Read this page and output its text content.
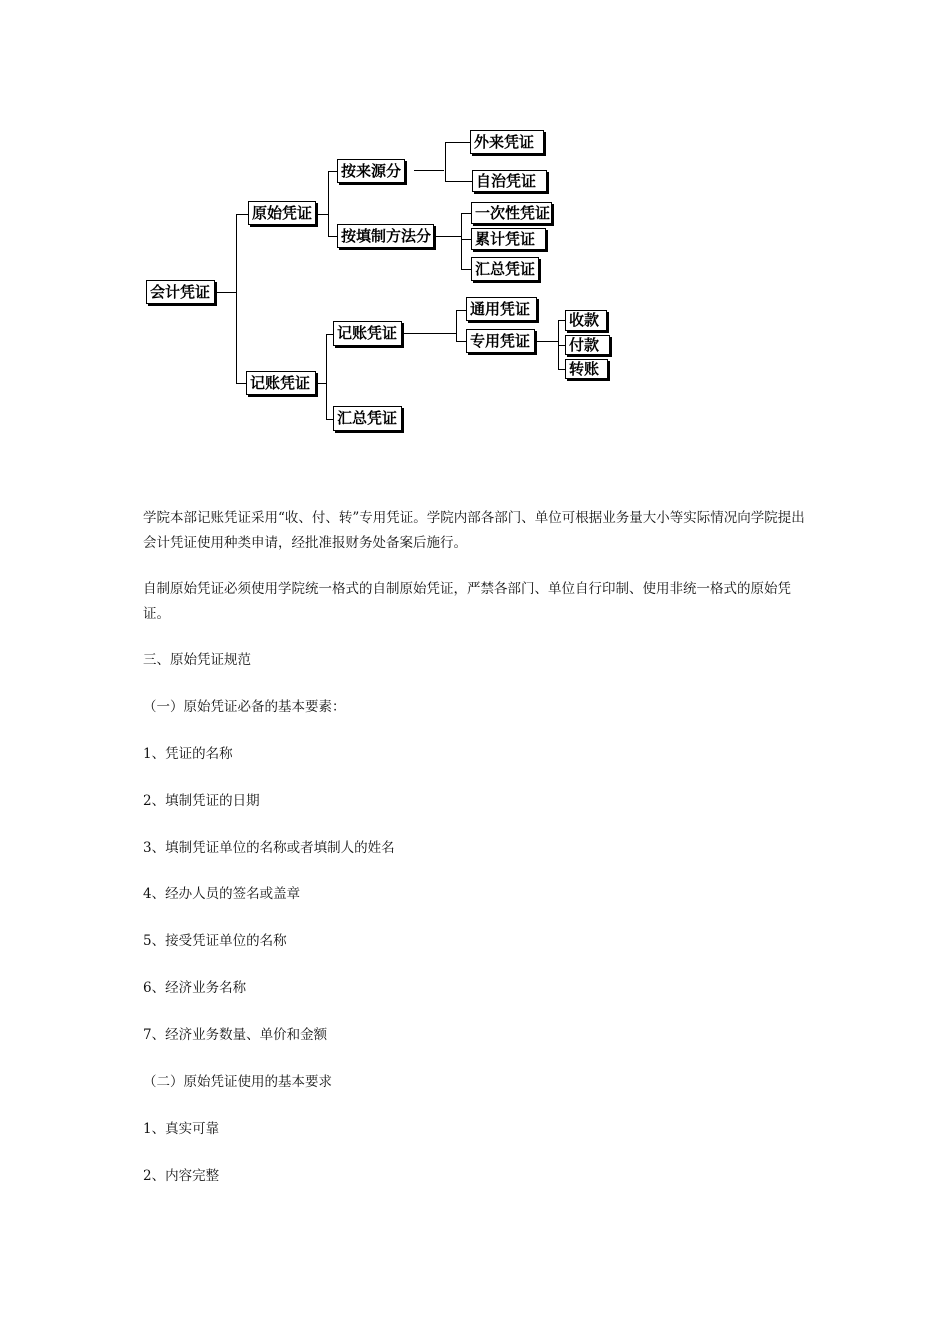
会计凭证
原始凭证
按来源分
外来凭证
自治凭证
按填制方法分
一次性凭证
累计凭证
汇总凭证
记账凭证
记账凭证
通用凭证
专用凭证
收款
付款
转账
汇总凭证

学院本部记账凭证采用“收、付、转”专用凭证。学院内部各部门、单位可根据业务量大小等实际情况向学院提出会计凭证使用种类申请，经批准报财务处备案后施行。

自制原始凭证必须使用学院统一格式的自制原始凭证，严禁各部门、单位自行印制、使用非统一格式的原始凭证。

三、原始凭证规范

（一）原始凭证必备的基本要素：

1、凭证的名称

2、填制凭证的日期

3、填制凭证单位的名称或者填制人的姓名

4、经办人员的签名或盖章

5、接受凭证单位的名称

6、经济业务名称

7、经济业务数量、单价和金额

（二）原始凭证使用的基本要求

1、真实可靠

2、内容完整
